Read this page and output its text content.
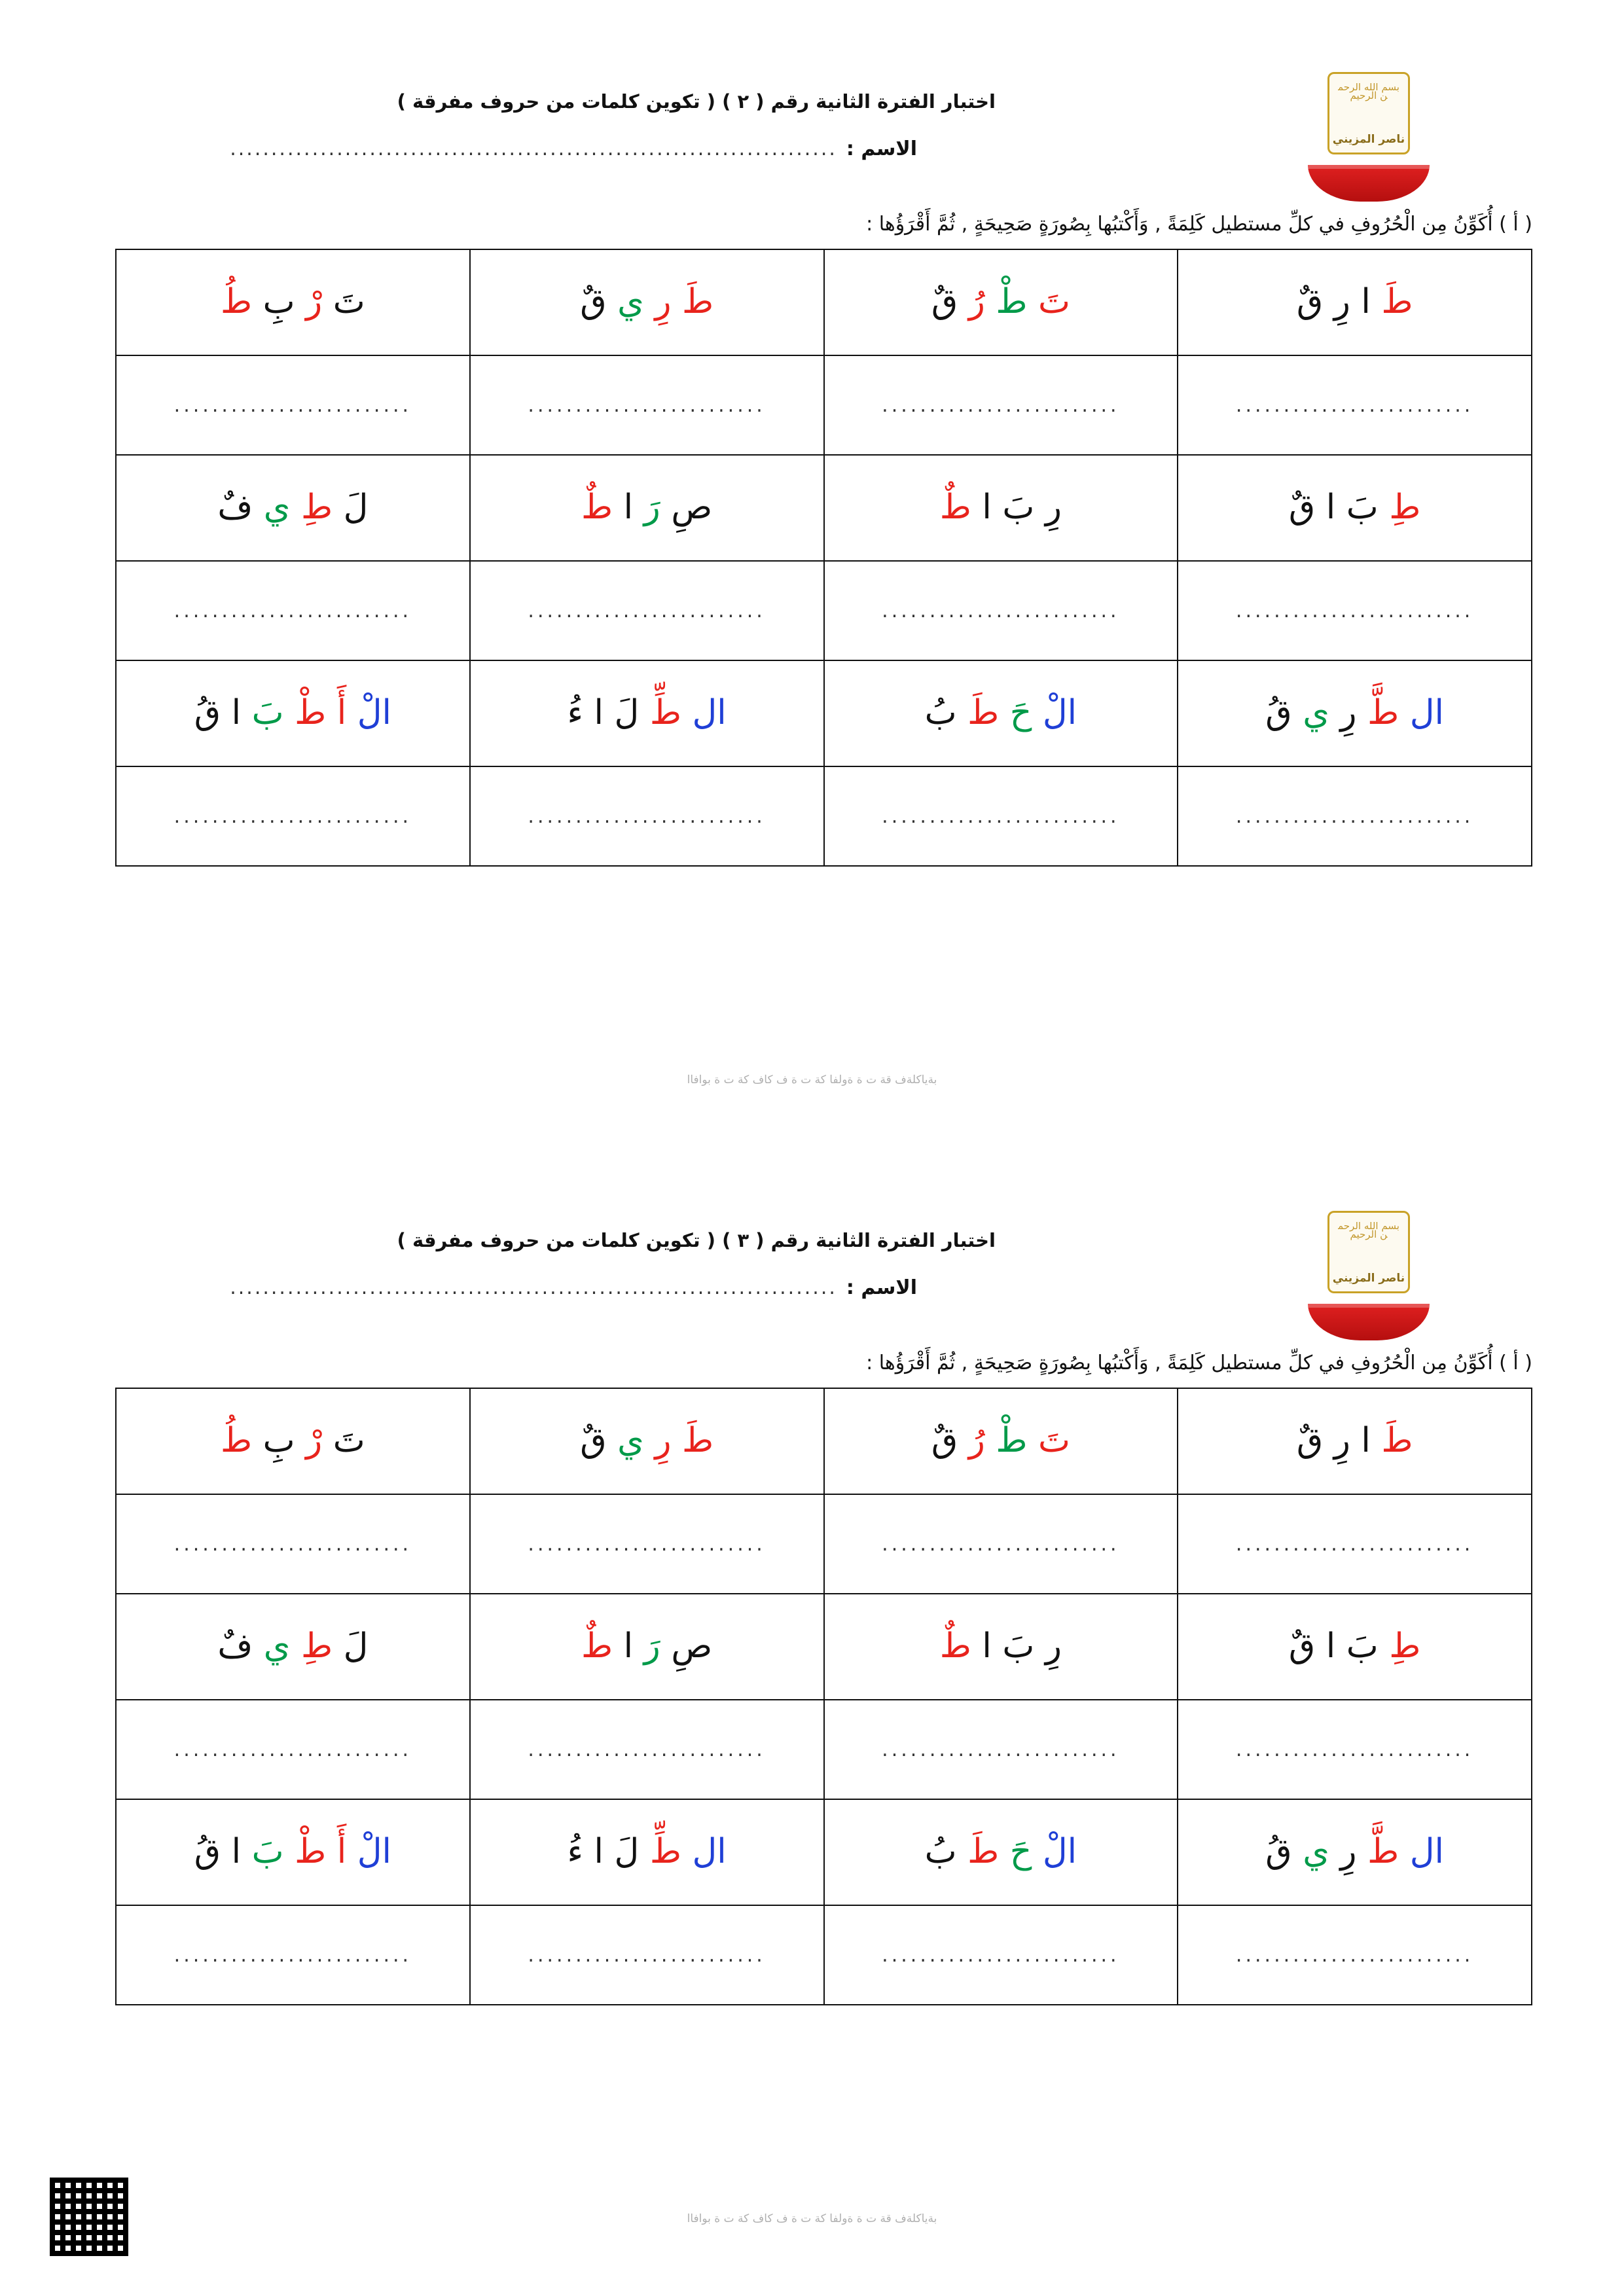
بسم الله الرحمن الرحيم
ناصر المزيني
اختبار الفترة الثانية رقم ( ٢ ) ( تكوين كلمات من حروف مفرقة )
الاسم :
..........................................................................
( أ ) أُكَوِّنُ مِن الْحُرُوفِ في كلِّ مستطيل كَلِمَةً , وَأَكْتبُها بِصُورَةٍ صَحِيحَةٍ , ثُمَّ أَقْرَؤُها :
طَ ا رِ قٌ	تَ طْ رُ قٌ	طَ رِ ي قٌ	تَ رْ بِ طُ

.........................	.........................	.........................	.........................

طِ بَ ا قٌ	رِ بَ ا طٌ	صِ رَ ا طٌ	لَ طِ ي فٌ

.........................	.........................	.........................	.........................

ال طَّ رِ ي قُ	الْ حَ طَ بُ	ال طِّ لَ ا ءُ	الْ أَ طْ بَ ا قُ

.........................	.........................	.........................	.........................
بةياكلةف قة ت ة ةولفا كة ت ة ف كاف كة ت ة بوافاا
بسم الله الرحمن الرحيم
ناصر المزيني
اختبار الفترة الثانية رقم ( ٣ ) ( تكوين كلمات من حروف مفرقة )
الاسم :
..........................................................................
( أ ) أُكَوِّنُ مِن الْحُرُوفِ في كلِّ مستطيل كَلِمَةً , وَأَكْتبُها بِصُورَةٍ صَحِيحَةٍ , ثُمَّ أَقْرَؤُها :
طَ ا رِ قٌ	تَ طْ رُ قٌ	طَ رِ ي قٌ	تَ رْ بِ طُ

.........................	.........................	.........................	.........................

طِ بَ ا قٌ	رِ بَ ا طٌ	صِ رَ ا طٌ	لَ طِ ي فٌ

.........................	.........................	.........................	.........................

ال طَّ رِ ي قُ	الْ حَ طَ بُ	ال طِّ لَ ا ءُ	الْ أَ طْ بَ ا قُ

.........................	.........................	.........................	.........................
بةياكلةف قة ت ة ةولفا كة ت ة ف كاف كة ت ة بوافاا
